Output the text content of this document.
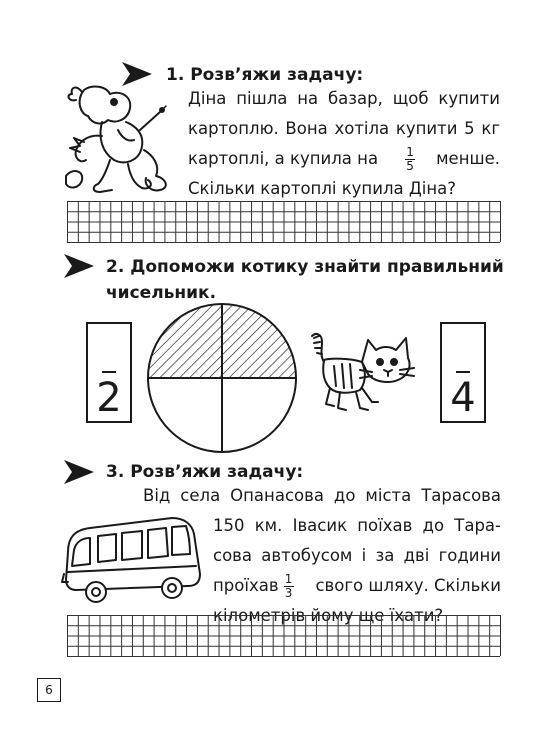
1. Розв’яжи задачу:
Діна пішла на базар, щоб купити
картоплю. Вона хотіла купити 5 кг
картоплі, а купила на $\frac{1}{5}$ менше.
Скільки картоплі купила Діна?
2. Допоможи котику знайти правильний
чисельник.
2	4
3. Розв’яжи задачу:
Від села Опанасова до міста Тарасова
150 км. Івасик поїхав до Тара-
сова автобусом і за дві години
проїхав $\frac{1}{3}$ свого шляху. Скільки
кілометрів йому ще їхати?
6
